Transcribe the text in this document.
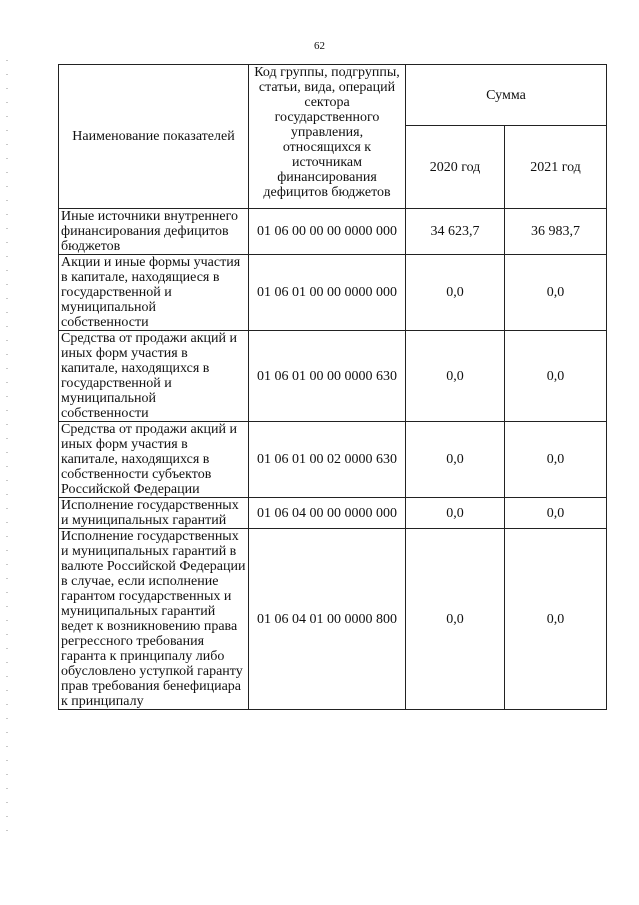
62
Наименование показателей	Код группы, подгруппы, статьи, вида, операций сектора государственного управления, относящихся к источникам финансирования дефицитов бюджетов	Сумма	
		2020 год	2021 год
Иные источники внутреннего финансирования дефицитов бюджетов	01 06 00 00 00 0000 000	34 623,7	36 983,7
Акции и иные формы участия в капитале, находящиеся в государственной и муниципальной собственности	01 06 01 00 00 0000 000	0,0	0,0
Средства от продажи акций и иных форм участия в капитале, находящихся в государственной и муниципальной собственности	01 06 01 00 00 0000 630	0,0	0,0
Средства от продажи акций и иных форм участия в капитале, находящихся в собственности субъектов Российской Федерации	01 06 01 00 02 0000 630	0,0	0,0
Исполнение государственных и муниципальных гарантий	01 06 04 00 00 0000 000	0,0	0,0
Исполнение государственных и муниципальных гарантий в валюте Российской Федерации в случае, если исполнение гарантом государственных и муниципальных гарантий ведет к возникновению права регрессного требования гаранта к принципалу либо обусловлено уступкой гаранту прав требования бенефициара к принципалу	01 06 04 01 00 0000 800	0,0	0,0
